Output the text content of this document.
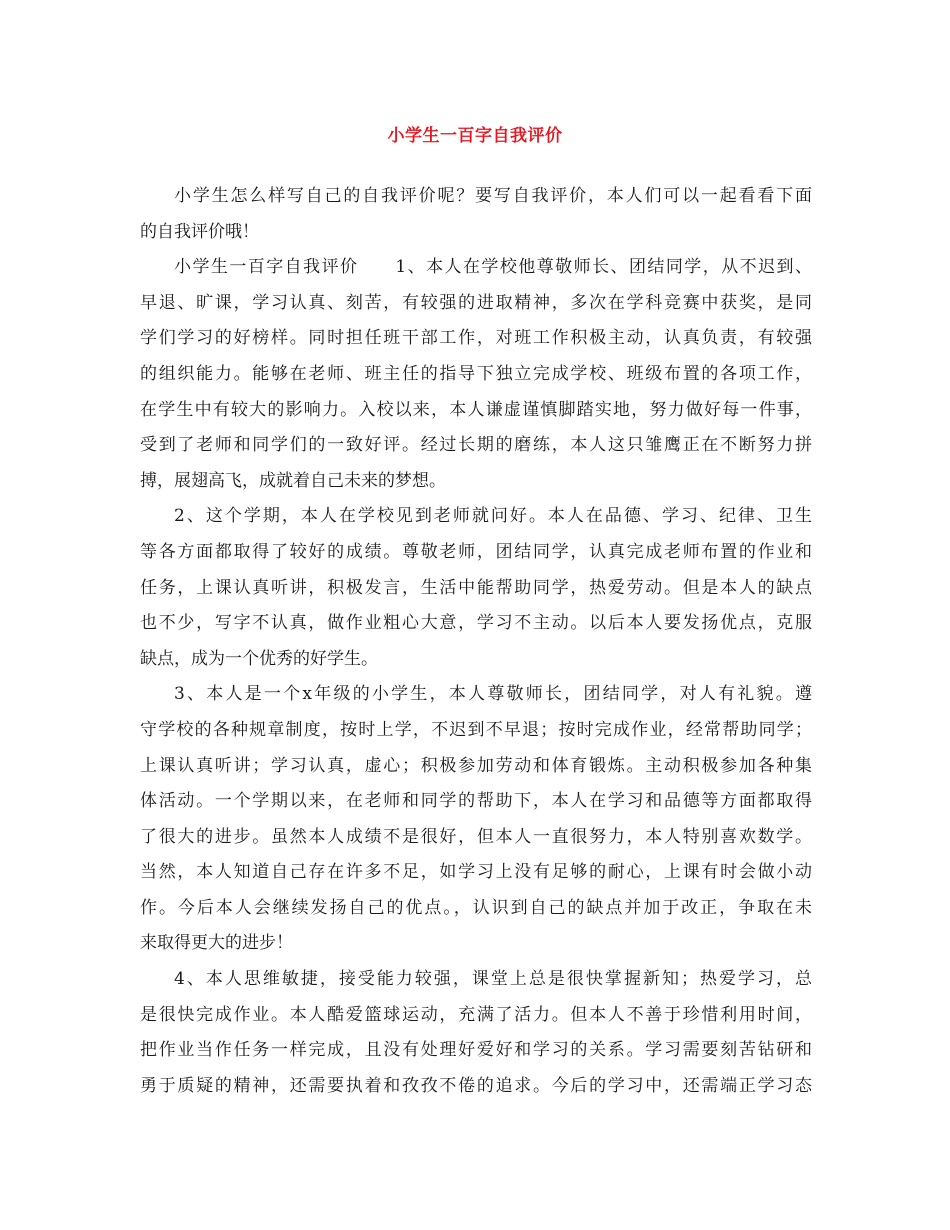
小学生一百字自我评价
小学生怎么样写自己的自我评价呢？要写自我评价，本人们可以一起看看下面
的自我评价哦！
小学生一百字自我评价　　1、本人在学校他尊敬师长、团结同学，从不迟到、
早退、旷课，学习认真、刻苦，有较强的进取精神，多次在学科竞赛中获奖，是同
学们学习的好榜样。同时担任班干部工作，对班工作积极主动，认真负责，有较强
的组织能力。能够在老师、班主任的指导下独立完成学校、班级布置的各项工作，
在学生中有较大的影响力。入校以来，本人谦虚谨慎脚踏实地，努力做好每一件事，
受到了老师和同学们的一致好评。经过长期的磨练，本人这只雏鹰正在不断努力拼
搏，展翅高飞，成就着自己未来的梦想。
2、这个学期，本人在学校见到老师就问好。本人在品德、学习、纪律、卫生
等各方面都取得了较好的成绩。尊敬老师，团结同学，认真完成老师布置的作业和
任务，上课认真听讲，积极发言，生活中能帮助同学，热爱劳动。但是本人的缺点
也不少，写字不认真，做作业粗心大意，学习不主动。以后本人要发扬优点，克服
缺点，成为一个优秀的好学生。
3、本人是一个x年级的小学生，本人尊敬师长，团结同学，对人有礼貌。遵
守学校的各种规章制度，按时上学，不迟到不早退；按时完成作业，经常帮助同学；
上课认真听讲；学习认真，虚心；积极参加劳动和体育锻炼。主动积极参加各种集
体活动。一个学期以来，在老师和同学的帮助下，本人在学习和品德等方面都取得
了很大的进步。虽然本人成绩不是很好，但本人一直很努力，本人特别喜欢数学。
当然，本人知道自己存在许多不足，如学习上没有足够的耐心，上课有时会做小动
作。今后本人会继续发扬自己的优点。，认识到自己的缺点并加于改正，争取在未
来取得更大的进步！
4、本人思维敏捷，接受能力较强，课堂上总是很快掌握新知；热爱学习，总
是很快完成作业。本人酷爱篮球运动，充满了活力。但本人不善于珍惜利用时间，
把作业当作任务一样完成，且没有处理好爱好和学习的关系。学习需要刻苦钻研和
勇于质疑的精神，还需要执着和孜孜不倦的追求。今后的学习中，还需端正学习态
